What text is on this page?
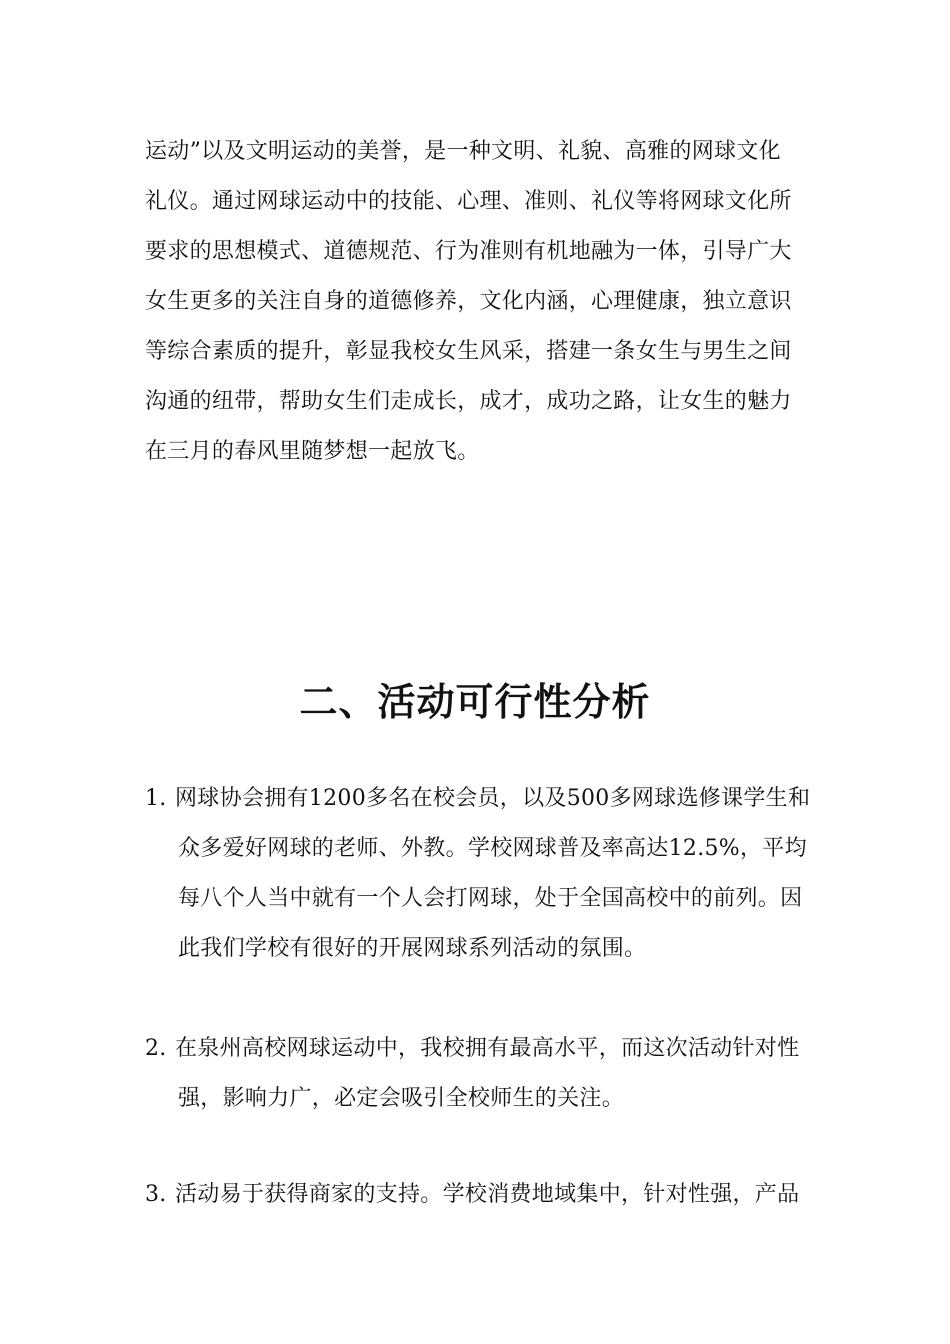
运动”以及文明运动的美誉，是一种文明、礼貌、高雅的网球文化
礼仪。通过网球运动中的技能、心理、准则、礼仪等将网球文化所
要求的思想模式、道德规范、行为准则有机地融为一体，引导广大
女生更多的关注自身的道德修养，文化内涵，心理健康，独立意识
等综合素质的提升，彰显我校女生风采，搭建一条女生与男生之间
沟通的纽带，帮助女生们走成长，成才，成功之路，让女生的魅力
在三月的春风里随梦想一起放飞。
二、活动可行性分析
1. 网球协会拥有1200多名在校会员，以及500多网球选修课学生和
众多爱好网球的老师、外教。学校网球普及率高达12.5%，平均
每八个人当中就有一个人会打网球，处于全国高校中的前列。因
此我们学校有很好的开展网球系列活动的氛围。
2. 在泉州高校网球运动中，我校拥有最高水平，而这次活动针对性
强，影响力广，必定会吸引全校师生的关注。
3. 活动易于获得商家的支持。学校消费地域集中，针对性强，产品
